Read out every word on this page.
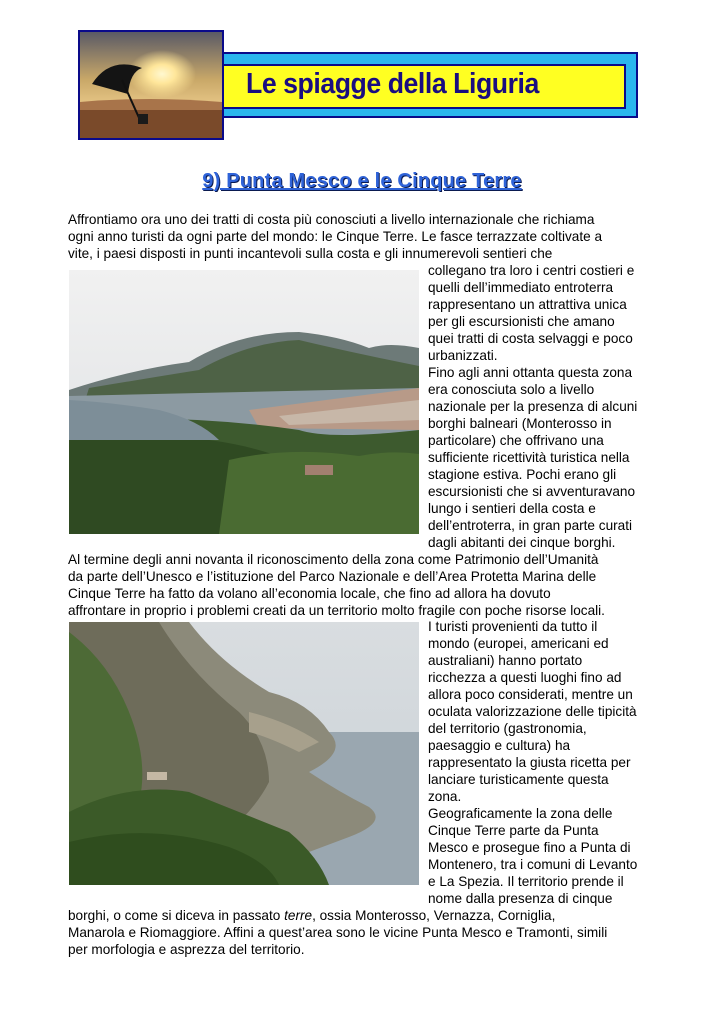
Le spiagge della Liguria
9) Punta Mesco e le Cinque Terre

Affrontiamo ora uno dei tratti di costa più conosciuti a livello internazionale che richiama

ogni anno turisti da ogni parte del mondo: le Cinque Terre. Le fasce terrazzate coltivate a

vite, i paesi disposti in punti incantevoli sulla costa e gli innumerevoli sentieri che

collegano tra loro i centri costieri e

quelli dell’immediato entroterra

rappresentano un attrattiva unica

per gli escursionisti che amano

quei tratti di costa selvaggi e poco

urbanizzati.

Fino agli anni ottanta questa zona

era conosciuta solo a livello

nazionale per la presenza di alcuni

borghi balneari (Monterosso in

particolare) che offrivano una

sufficiente ricettività turistica nella

stagione estiva. Pochi erano gli

escursionisti che si avventuravano

lungo i sentieri della costa e

dell’entroterra, in gran parte curati

dagli abitanti dei cinque borghi.

Al termine degli anni novanta il riconoscimento della zona come Patrimonio dell’Umanità

da parte dell’Unesco e l’istituzione del Parco Nazionale e dell’Area Protetta Marina delle

Cinque Terre ha fatto da volano all’economia locale, che fino ad allora ha dovuto

affrontare in proprio i problemi creati da un territorio molto fragile con poche risorse locali.

I turisti provenienti da tutto il

mondo (europei, americani ed

australiani) hanno portato

ricchezza a questi luoghi fino ad

allora poco considerati, mentre un

oculata valorizzazione delle tipicità

del territorio (gastronomia,

paesaggio e cultura) ha

rappresentato la giusta ricetta per

lanciare turisticamente questa

zona.

Geograficamente la zona delle

Cinque Terre parte da Punta

Mesco e prosegue fino a Punta di

Montenero, tra i comuni di Levanto

e La Spezia. Il territorio prende il

nome dalla presenza di cinque

borghi, o come si diceva in passato terre, ossia Monterosso, Vernazza, Corniglia,

Manarola e Riomaggiore. Affini a quest’area sono le vicine Punta Mesco e Tramonti, simili

per morfologia e asprezza del territorio.
